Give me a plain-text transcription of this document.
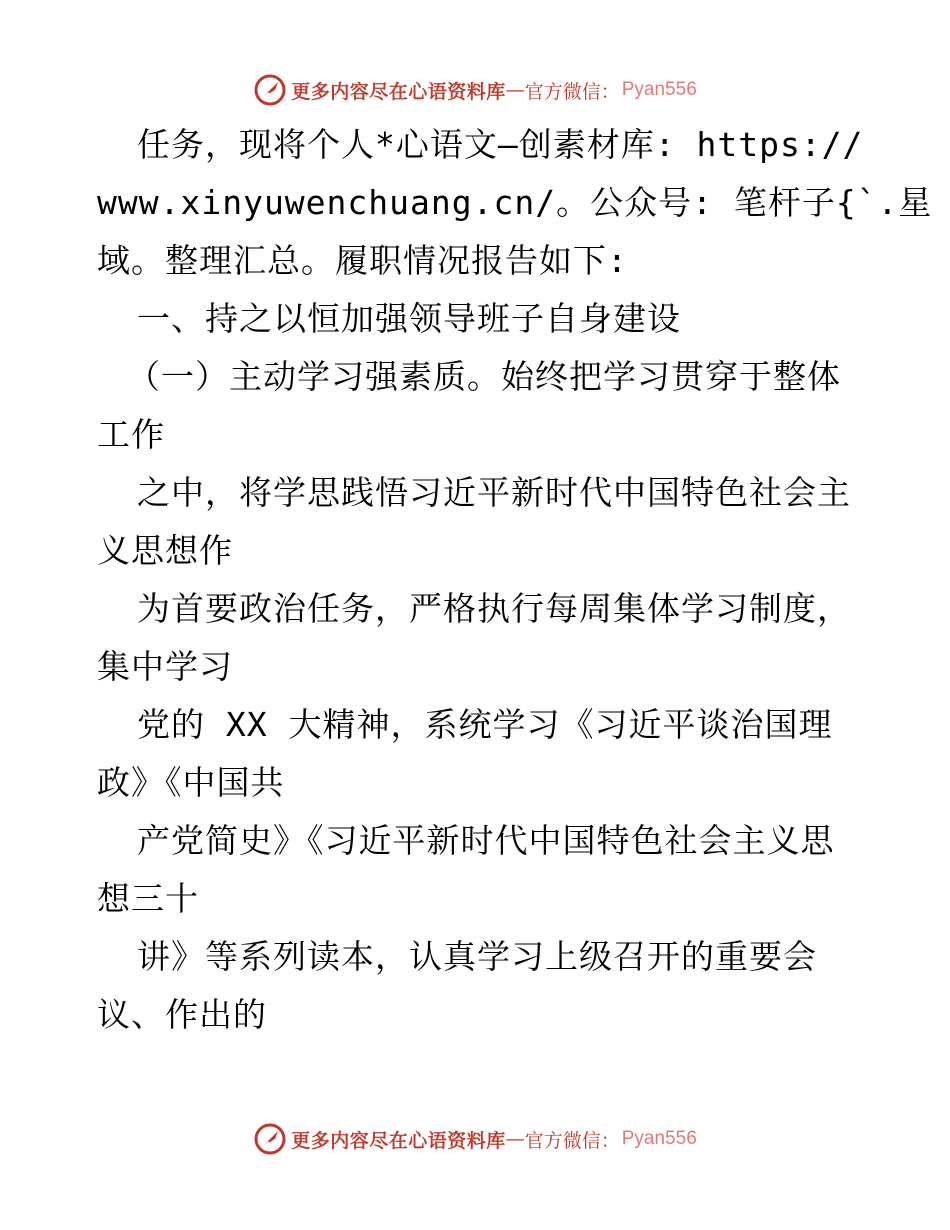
更多内容尽在心语资料库 — 官方微信： Pyan556
任务，现将个人*心语文—创素材库: https://
www.xinyuwenchuang.cn/。公众号: 笔杆子{`.星
域。整理汇总。履职情况报告如下:
一、持之以恒加强领导班子自身建设
（一）主动学习强素质。始终把学习贯穿于整体
工作
之中，将学思践悟习近平新时代中国特色社会主
义思想作
为首要政治任务，严格执行每周集体学习制度，
集中学习
党的 XX 大精神，系统学习《习近平谈治国理
政》《中国共
产党简史》《习近平新时代中国特色社会主义思
想三十
讲》等系列读本，认真学习上级召开的重要会
议、作出的
更多内容尽在心语资料库 — 官方微信： Pyan556
